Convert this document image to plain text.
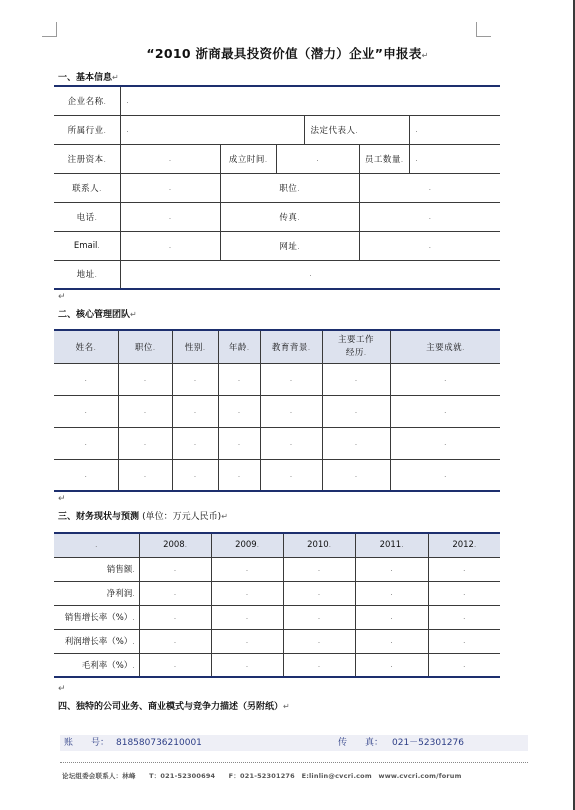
“2010 浙商最具投资价值（潜力）企业”申报表↵
一、基本信息↵
企业名称.	.					
所属行业.	.			法定代表人.		.
注册资本.	.	成立时间.	.		员工数量.	.
联系人.	.	职位.			.	
电话.	.	传真.			.	
Email.	.	网址.			.	
地址.	.					
↵
二、核心管理团队↵
姓名.	职位.	性别.	年龄.	教育背景.	主要工作
经历.	主要成就.
.	.	.	.	.	.	.
.	.	.	.	.	.	.
.	.	.	.	.	.	.
.	.	.	.	.	.	.
↵
三、财务现状与预测 (单位：万元人民币)↵
.	2008.	2009.	2010.	2011.	2012.
销售额.	.	.	.	.	.
净利润.	.	.	.	.	.
销售增长率（%）.	.	.	.	.	.
利润增长率（%）.	.	.	.	.	.
毛利率（%）.	.	.	.	.	.
↵
四、独特的公司业务、商业模式与竞争力描述（另附纸）↵
账　　号： 818580736210001	传　　真： 021－52301276
论坛组委会联系人：林峰　　T：021-52300694　　F：021-52301276　E:linlin@cvcri.com　www.cvcri.com/forum
